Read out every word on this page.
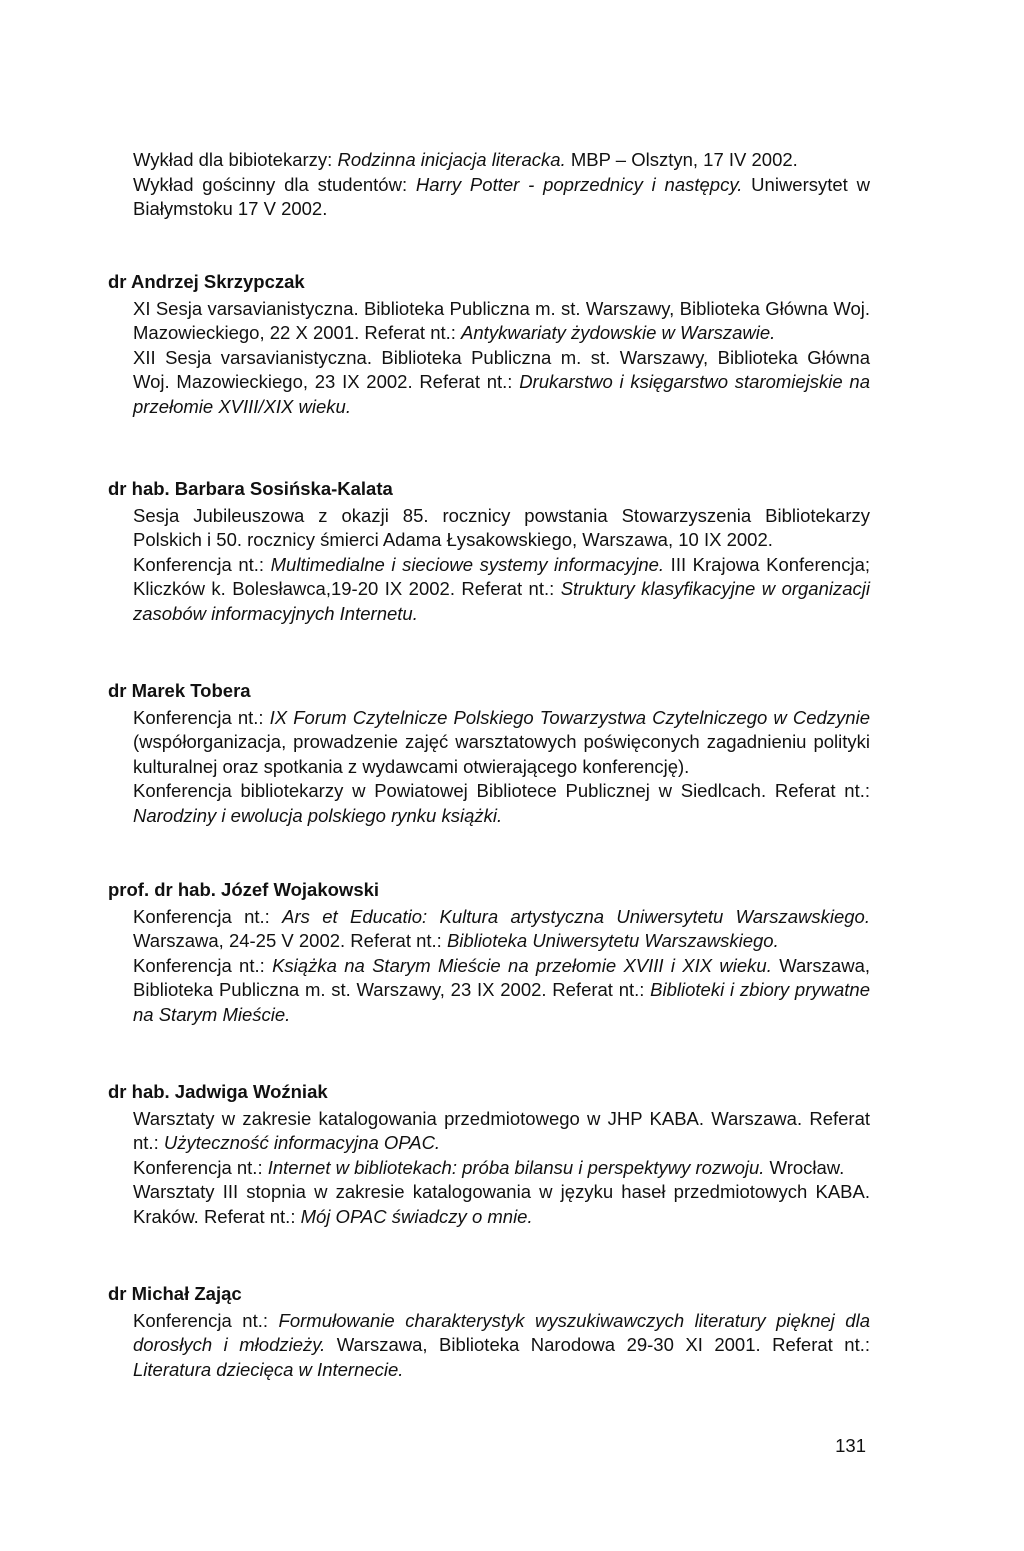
Wykład dla bibiotekarzy: Rodzinna inicjacja literacka. MBP – Olsztyn, 17 IV 2002.

Wykład gościnny dla studentów: Harry Potter - poprzednicy i następcy. Uniwersytet w Białymstoku 17 V 2002.

dr Andrzej Skrzypczak

XI Sesja varsavianistyczna. Biblioteka Publiczna m. st. Warszawy, Biblioteka Główna Woj. Mazowieckiego, 22 X 2001. Referat nt.: Antykwariaty żydowskie w Warszawie.

XII Sesja varsavianistyczna. Biblioteka Publiczna m. st. Warszawy, Biblioteka Główna Woj. Mazowieckiego, 23 IX 2002. Referat nt.: Drukarstwo i księgarstwo staromiejskie na przełomie XVIII/XIX wieku.

dr hab. Barbara Sosińska-Kalata

Sesja Jubileuszowa z okazji 85. rocznicy powstania Stowarzyszenia Bibliotekarzy Polskich i 50. rocznicy śmierci Adama Łysakowskiego, Warszawa, 10 IX 2002.

Konferencja nt.: Multimedialne i sieciowe systemy informacyjne. III Krajowa Konferencja; Kliczków k. Bolesławca,19-20 IX 2002. Referat nt.: Struktury klasyfikacyjne w organizacji zasobów informacyjnych Internetu.

dr Marek Tobera

Konferencja nt.: IX Forum Czytelnicze Polskiego Towarzystwa Czytelniczego w Cedzynie (współorganizacja, prowadzenie zajęć warsztatowych poświęconych zagadnieniu polityki kulturalnej oraz spotkania z wydawcami otwierającego konferencję).

Konferencja bibliotekarzy w Powiatowej Bibliotece Publicznej w Siedlcach. Referat nt.: Narodziny i ewolucja polskiego rynku książki.

prof. dr hab. Józef Wojakowski

Konferencja nt.: Ars et Educatio: Kultura artystyczna Uniwersytetu Warszawskiego. Warszawa, 24-25 V 2002. Referat nt.: Biblioteka Uniwersytetu Warszawskiego.

Konferencja nt.: Książka na Starym Mieście na przełomie XVIII i XIX wieku. Warszawa, Biblioteka Publiczna m. st. Warszawy, 23 IX 2002. Referat nt.: Biblioteki i zbiory prywatne na Starym Mieście.

dr hab. Jadwiga Woźniak

Warsztaty w zakresie katalogowania przedmiotowego w JHP KABA. Warszawa. Referat nt.: Użyteczność informacyjna OPAC.

Konferencja nt.: Internet w bibliotekach: próba bilansu i perspektywy rozwoju. Wrocław.

Warsztaty III stopnia w zakresie katalogowania w języku haseł przedmiotowych KABA. Kraków. Referat nt.: Mój OPAC świadczy o mnie.

dr Michał Zając

Konferencja nt.: Formułowanie charakterystyk wyszukiwawczych literatury pięknej dla dorosłych i młodzieży. Warszawa, Biblioteka Narodowa 29-30 XI 2001. Referat nt.: Literatura dziecięca w Internecie.

131
